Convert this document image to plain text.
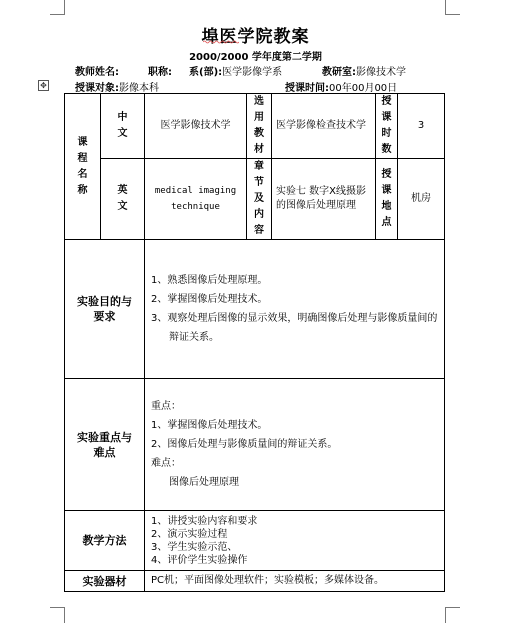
埠医学院教案
2000/2000 学年度第二学期
教师姓名:	职称: 系(部):医学影像学系	教研室:影像技术学
✥	授课对象:影像本科	授课时间:00年00月00日
课程名称	中文	医学影像技术学	选用教材	医学影像检查技术学	授课时数	3
	英文	medical imaging technique	章节及内容	实验七 数字X线摄影的图像后处理原理	授课地点	机房
实验目的与要求		1、熟悉图像后处理原理。
2、掌握图像后处理技术。
3、观察处理后图像的显示效果，明确图像后处理与影像质量间的辩证关系。				

实验重点与难点		重点：
1、掌握图像后处理技术。
2、图像后处理与影像质量间的辩证关系。
难点：
图像后处理原理				

教学方法		1、讲授实验内容和要求
2、演示实验过程
3、学生实验示范、
4、评价学生实验操作				

实验器材		PC机；平面图像处理软件；实验模板；多媒体设备。				
